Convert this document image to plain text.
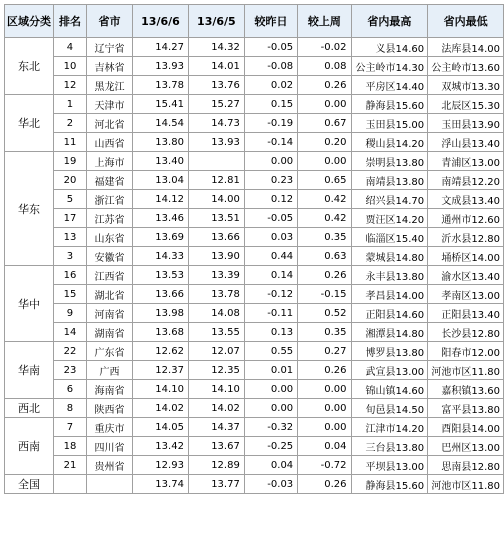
区域分类	排名	省市	13/6/6	13/6/5	较昨日	较上周	省内最高	省内最低
东北	4	辽宁省	14.27	14.32	-0.05	-0.02	义县14.60	法库县14.00
	10	吉林省	13.93	14.01	-0.08	0.08	公主岭市14.30	公主岭市13.60
	12	黑龙江	13.78	13.76	0.02	0.26	平房区14.40	双城市13.30
华北	1	天津市	15.41	15.27	0.15	0.00	静海县15.60	北辰区15.30
	2	河北省	14.54	14.73	-0.19	0.67	玉田县15.00	玉田县13.90
	11	山西省	13.80	13.93	-0.14	0.20	稷山县14.20	浮山县13.40
华东	19	上海市	13.40		0.00	0.00	崇明县13.80	青浦区13.00
	20	福建省	13.04	12.81	0.23	0.65	南靖县13.80	南靖县12.20
	5	浙江省	14.12	14.00	0.12	0.42	绍兴县14.70	文成县13.40
	17	江苏省	13.46	13.51	-0.05	0.42	贾汪区14.20	通州市12.60
	13	山东省	13.69	13.66	0.03	0.35	临淄区15.40	沂水县12.80
	3	安徽省	14.33	13.90	0.44	0.63	蒙城县14.80	埇桥区14.00
华中	16	江西省	13.53	13.39	0.14	0.26	永丰县13.80	渝水区13.40
	15	湖北省	13.66	13.78	-0.12	-0.15	孝昌县14.00	孝南区13.00
	9	河南省	13.98	14.08	-0.11	0.52	正阳县14.60	正阳县13.40
	14	湖南省	13.68	13.55	0.13	0.35	湘潭县14.80	长沙县12.80
华南	22	广东省	12.62	12.07	0.55	0.27	博罗县13.80	阳春市12.00
	23	广西	12.37	12.35	0.01	0.26	武宣县13.00	河池市区11.80
	6	海南省	14.10	14.10	0.00	0.00	锦山镇14.60	嘉积镇13.60
西北	8	陕西省	14.02	14.02	0.00	0.00	旬邑县14.50	富平县13.80
西南	7	重庆市	14.05	14.37	-0.32	0.00	江津市14.20	酉阳县14.00
	18	四川省	13.42	13.67	-0.25	0.04	三台县13.80	巴州区13.00
	21	贵州省	12.93	12.89	0.04	-0.72	平坝县13.00	思南县12.80
全国			13.74	13.77	-0.03	0.26	静海县15.60	河池市区11.80
